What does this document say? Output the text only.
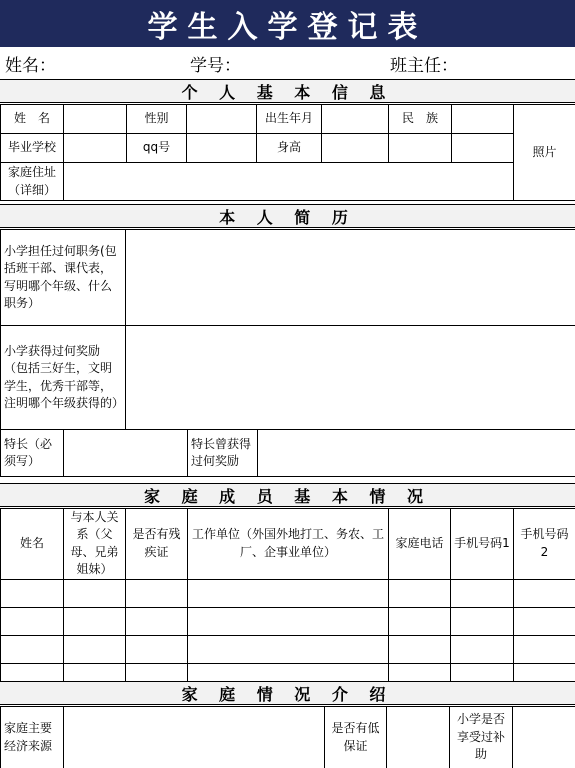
学生入学登记表
姓名：	学号：	班主任：
个 人 基 本 信 息
姓　名		性别		出生年月		民　族		照片
毕业学校		qq号		身高				
家庭住址（详细）								
本 人 简 历
小学担任过何职务(包括班干部、课代表，写明哪个年级、什么职务）				
小学获得过何奖励（包括三好生，文明学生，优秀干部等，注明哪个年级获得的）				
特长（必须写）			特长曾获得过何奖励	
家 庭 成 员 基 本 情 况
姓名	与本人关系（父母、兄弟姐妹）	是否有残疾证	工作单位（外国外地打工、务农、工厂、企事业单位）	家庭电话	手机号码1	手机号码2

家 庭 情 况 介 绍
家庭主要经济来源		是否有低保证		小学是否享受过补助	
